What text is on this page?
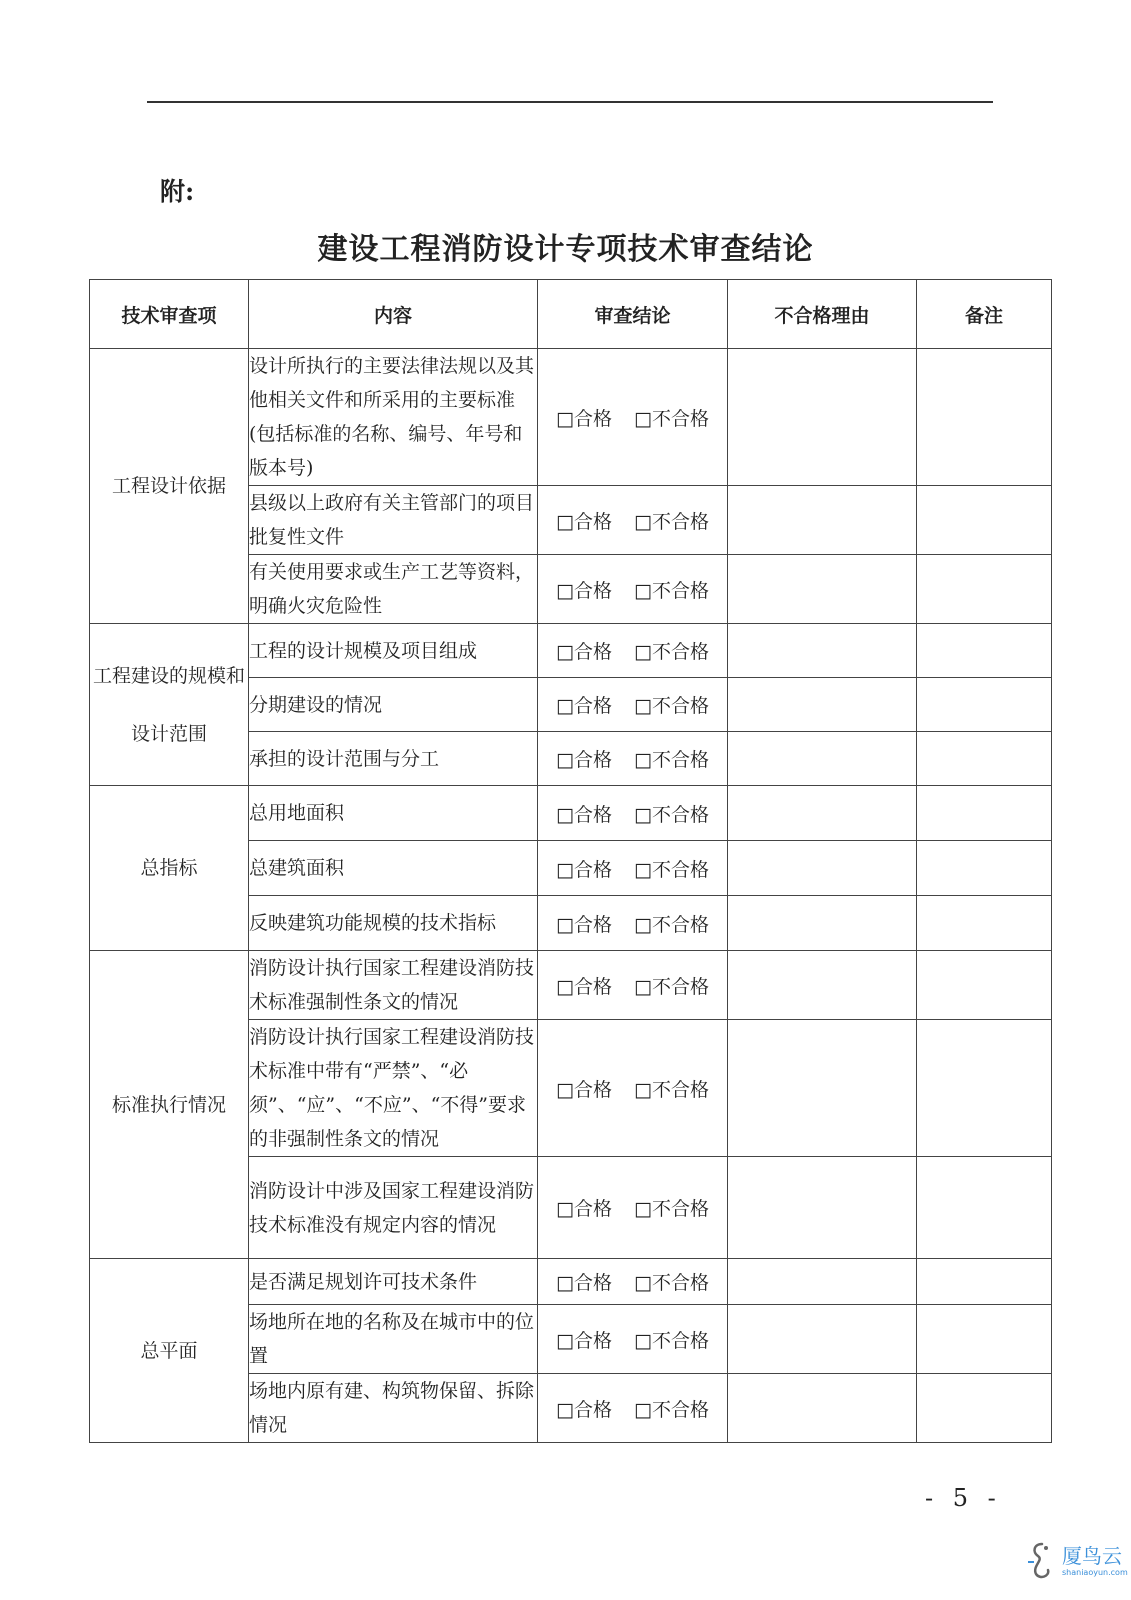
附:
建设工程消防设计专项技术审查结论
技术审查项	内容	审查结论	不合格理由	备注
工程设计依据	设计所执行的主要法律法规以及其他相关文件和所采用的主要标准(包括标准的名称、编号、年号和版本号)	□合格 □不合格		
	县级以上政府有关主管部门的项目批复性文件	□合格 □不合格		
	有关使用要求或生产工艺等资料，明确火灾危险性	□合格 □不合格		
工程建设的规模和设计范围	工程的设计规模及项目组成	□合格 □不合格		
	分期建设的情况	□合格 □不合格		
	承担的设计范围与分工	□合格 □不合格		
总指标	总用地面积	□合格 □不合格		
	总建筑面积	□合格 □不合格		
	反映建筑功能规模的技术指标	□合格 □不合格		
标准执行情况	消防设计执行国家工程建设消防技术标准强制性条文的情况	□合格 □不合格		
	消防设计执行国家工程建设消防技术标准中带有“严禁”、“必须”、“应”、“不应”、“不得”要求的非强制性条文的情况	□合格 □不合格		
	消防设计中涉及国家工程建设消防技术标准没有规定内容的情况	□合格 □不合格		
总平面	是否满足规划许可技术条件	□合格 □不合格		
	场地所在地的名称及在城市中的位置	□合格 □不合格		
	场地内原有建、构筑物保留、拆除情况	□合格 □不合格		
- 5 -
厦鸟云
shaniaoyun.com
